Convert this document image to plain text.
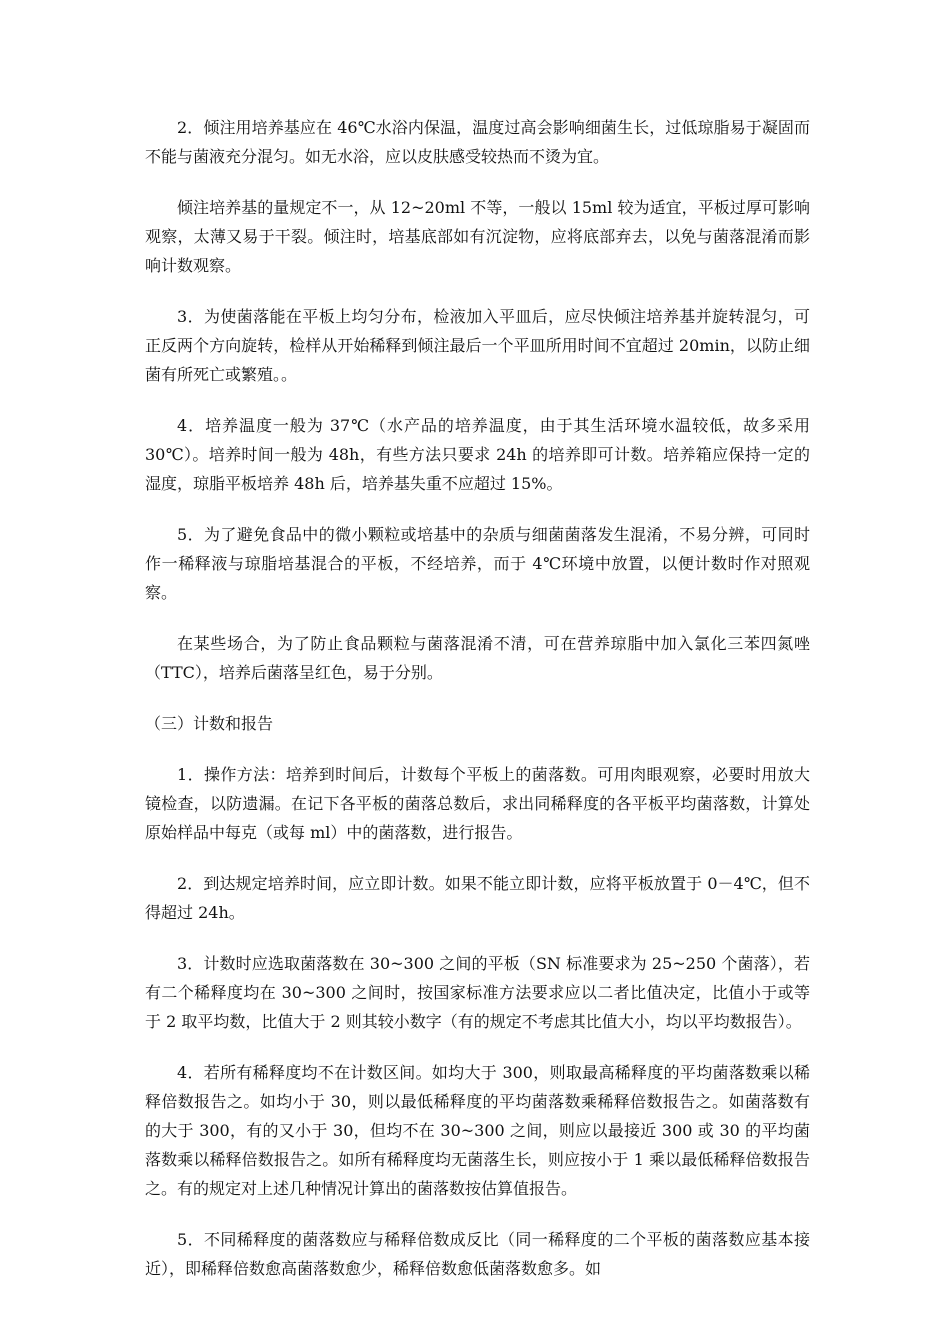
2．倾注用培养基应在 46℃水浴内保温，温度过高会影响细菌生长，过低琼脂易于凝固而不能与菌液充分混匀。如无水浴，应以皮肤感受较热而不烫为宜。

倾注培养基的量规定不一，从 12~20ml 不等，一般以 15ml 较为适宜，平板过厚可影响观察，太薄又易于干裂。倾注时，培基底部如有沉淀物，应将底部弃去，以免与菌落混淆而影响计数观察。

3．为使菌落能在平板上均匀分布，检液加入平皿后，应尽快倾注培养基并旋转混匀，可正反两个方向旋转，检样从开始稀释到倾注最后一个平皿所用时间不宜超过 20min，以防止细菌有所死亡或繁殖。。

4．培养温度一般为 37℃（水产品的培养温度，由于其生活环境水温较低，故多采用 30℃）。培养时间一般为 48h，有些方法只要求 24h 的培养即可计数。培养箱应保持一定的湿度，琼脂平板培养 48h 后，培养基失重不应超过 15%。

5．为了避免食品中的微小颗粒或培基中的杂质与细菌菌落发生混淆，不易分辨，可同时作一稀释液与琼脂培基混合的平板，不经培养，而于 4℃环境中放置，以便计数时作对照观察。

在某些场合，为了防止食品颗粒与菌落混淆不清，可在营养琼脂中加入氯化三苯四氮唑（TTC），培养后菌落呈红色，易于分别。

（三）计数和报告

1．操作方法：培养到时间后，计数每个平板上的菌落数。可用肉眼观察，必要时用放大镜检查，以防遗漏。在记下各平板的菌落总数后，求出同稀释度的各平板平均菌落数，计算处原始样品中每克（或每 ml）中的菌落数，进行报告。

2．到达规定培养时间，应立即计数。如果不能立即计数，应将平板放置于 0－4℃，但不得超过 24h。

3．计数时应选取菌落数在 30~300 之间的平板（SN 标准要求为 25~250 个菌落），若有二个稀释度均在 30~300 之间时，按国家标准方法要求应以二者比值决定，比值小于或等于 2 取平均数，比值大于 2 则其较小数字（有的规定不考虑其比值大小，均以平均数报告）。

4．若所有稀释度均不在计数区间。如均大于 300，则取最高稀释度的平均菌落数乘以稀释倍数报告之。如均小于 30，则以最低稀释度的平均菌落数乘稀释倍数报告之。如菌落数有的大于 300，有的又小于 30，但均不在 30~300 之间，则应以最接近 300 或 30 的平均菌落数乘以稀释倍数报告之。如所有稀释度均无菌落生长，则应按小于 1 乘以最低稀释倍数报告之。有的规定对上述几种情况计算出的菌落数按估算值报告。

5．不同稀释度的菌落数应与稀释倍数成反比（同一稀释度的二个平板的菌落数应基本接近），即稀释倍数愈高菌落数愈少，稀释倍数愈低菌落数愈多。如
